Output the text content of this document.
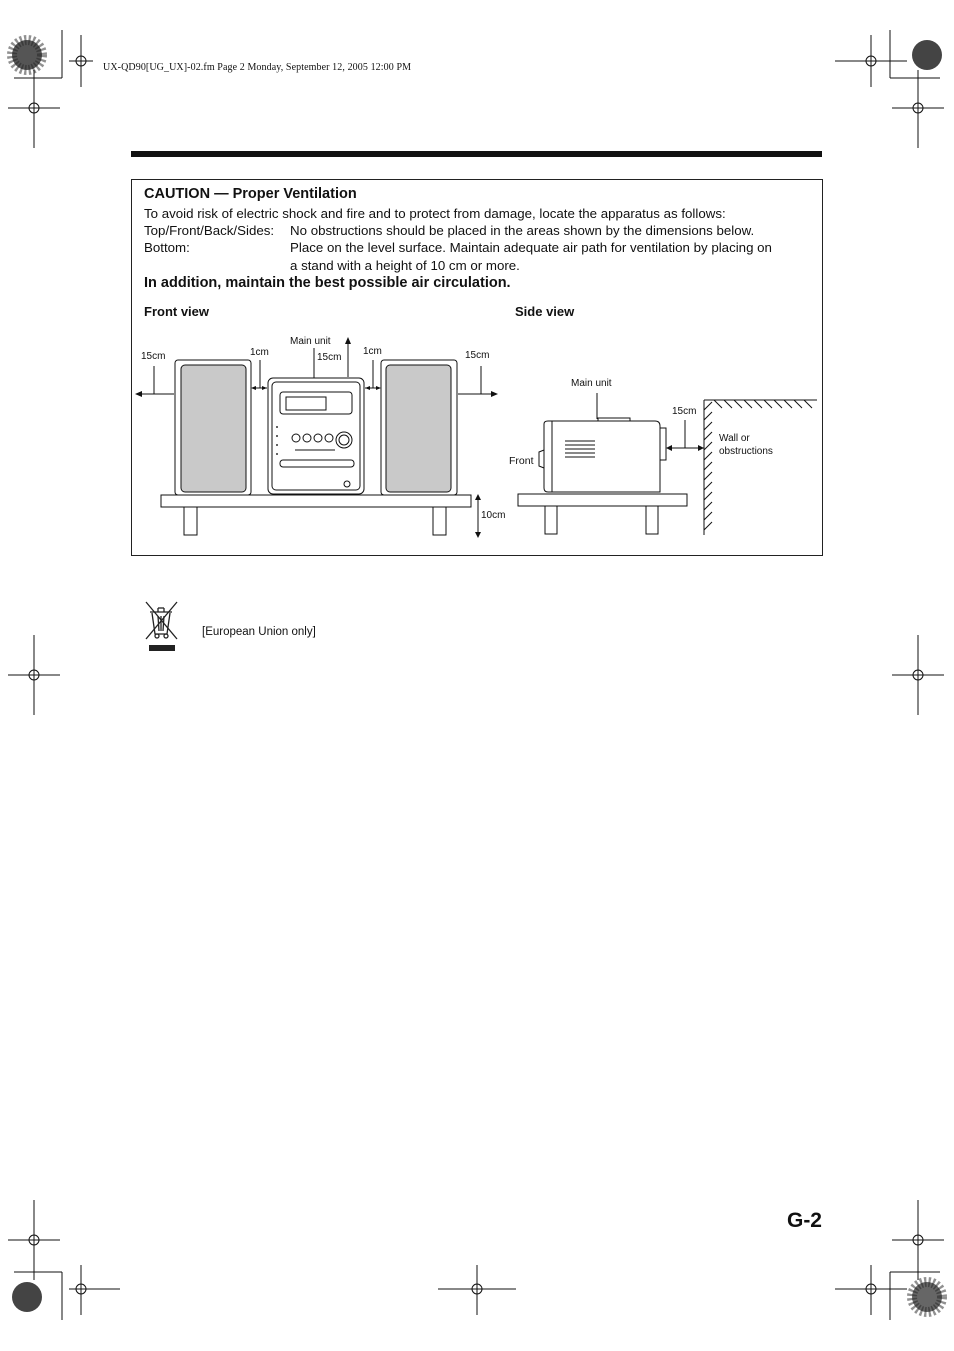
UX-QD90[UG_UX]-02.fm Page 2 Monday, September 12, 2005 12:00 PM
CAUTION — Proper Ventilation
To avoid risk of electric shock and fire and to protect from damage, locate the apparatus as follows:
Top/Front/Back/Sides: No obstructions should be placed in the areas shown by the dimensions below.
Bottom:	Place on the level surface. Maintain adequate air path for ventilation by placing on
a stand with a height of 10 cm or more.
In addition, maintain the best possible air circulation.
Front view	Side view
Main unit
15cm	1cm	15cm
1cm	15cm
10cm
Main unit
15cm
Front
Wall or
obstructions
[European Union only]
G-2
